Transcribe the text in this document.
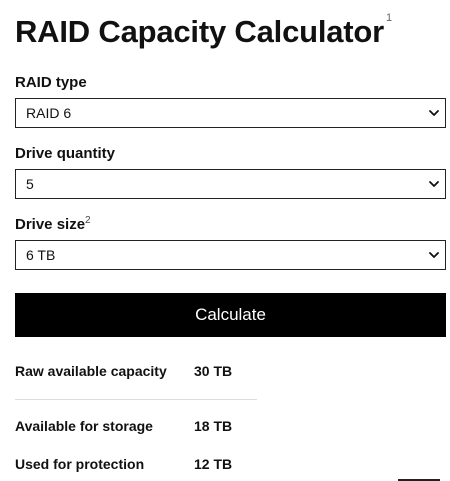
RAID Capacity Calculator $^1$
RAID type
RAID 6
Drive quantity
5
Drive size$^2$
6 TB
Calculate
Raw available capacity 30 TB
Available for storage	18 TB
Used for protection	12 TB
